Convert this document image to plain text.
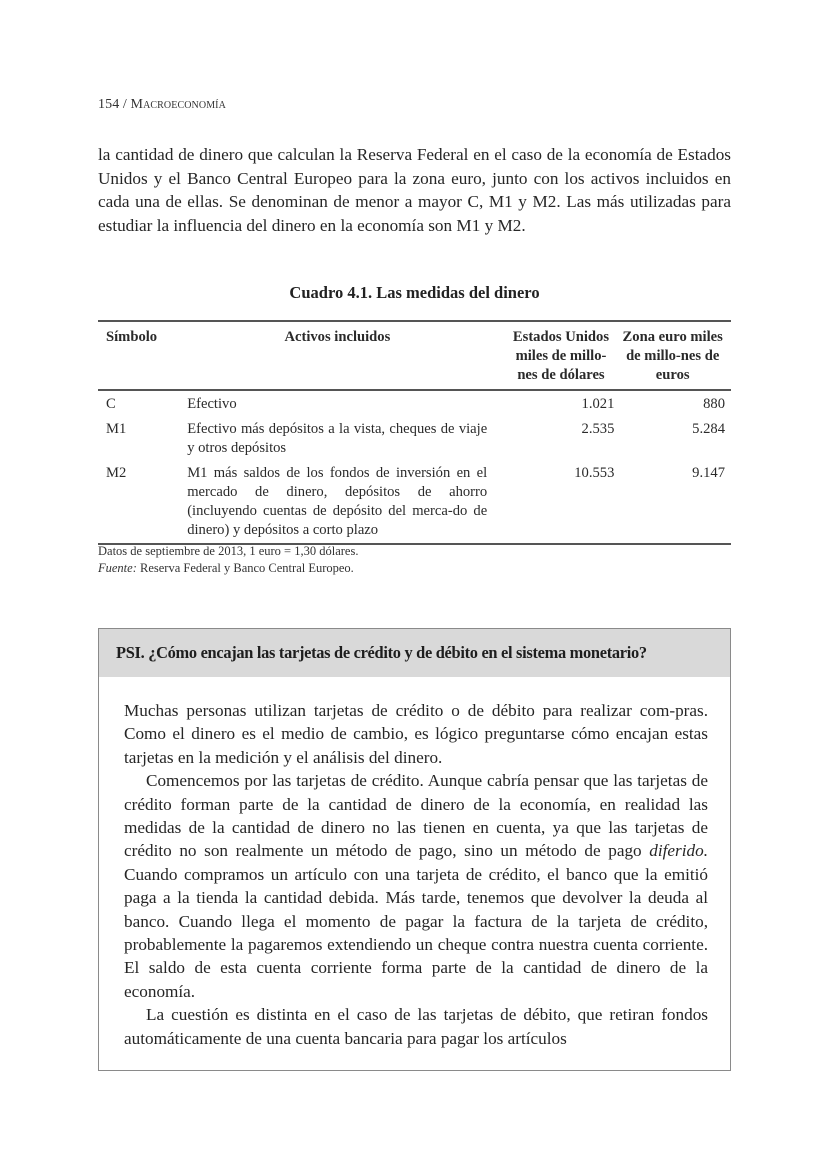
154 / Macroeconomía

la cantidad de dinero que calculan la Reserva Federal en el caso de la economía de Estados Unidos y el Banco Central Europeo para la zona euro, junto con los activos incluidos en cada una de ellas. Se denominan de menor a mayor C, M1 y M2. Las más utilizadas para estudiar la influencia del dinero en la economía son M1 y M2.

Cuadro 4.1. Las medidas del dinero
Símbolo	Activos incluidos	Estados Unidos miles de millo-nes de dólares	Zona euro miles de millo-nes de euros
C	Efectivo	1.021	880
M1	Efectivo más depósitos a la vista, cheques de viaje y otros depósitos	2.535	5.284
M2	M1 más saldos de los fondos de inversión en el mercado de dinero, depósitos de ahorro (incluyendo cuentas de depósito del merca-do de dinero) y depósitos a corto plazo	10.553	9.147
Datos de septiembre de 2013, 1 euro = 1,30 dólares.
Fuente: Reserva Federal y Banco Central Europeo.
PSI. ¿Cómo encajan las tarjetas de crédito y de débito en el sistema monetario?

Muchas personas utilizan tarjetas de crédito o de débito para realizar com-pras. Como el dinero es el medio de cambio, es lógico preguntarse cómo encajan estas tarjetas en la medición y el análisis del dinero.

Comencemos por las tarjetas de crédito. Aunque cabría pensar que las tarjetas de crédito forman parte de la cantidad de dinero de la economía, en realidad las medidas de la cantidad de dinero no las tienen en cuenta, ya que las tarjetas de crédito no son realmente un método de pago, sino un método de pago diferido. Cuando compramos un artículo con una tarjeta de crédito, el banco que la emitió paga a la tienda la cantidad debida. Más tarde, tenemos que devolver la deuda al banco. Cuando llega el momento de pagar la factura de la tarjeta de crédito, probablemente la pagaremos extendiendo un cheque contra nuestra cuenta corriente. El saldo de esta cuenta corriente forma parte de la cantidad de dinero de la economía.

La cuestión es distinta en el caso de las tarjetas de débito, que retiran fondos automáticamente de una cuenta bancaria para pagar los artículos
